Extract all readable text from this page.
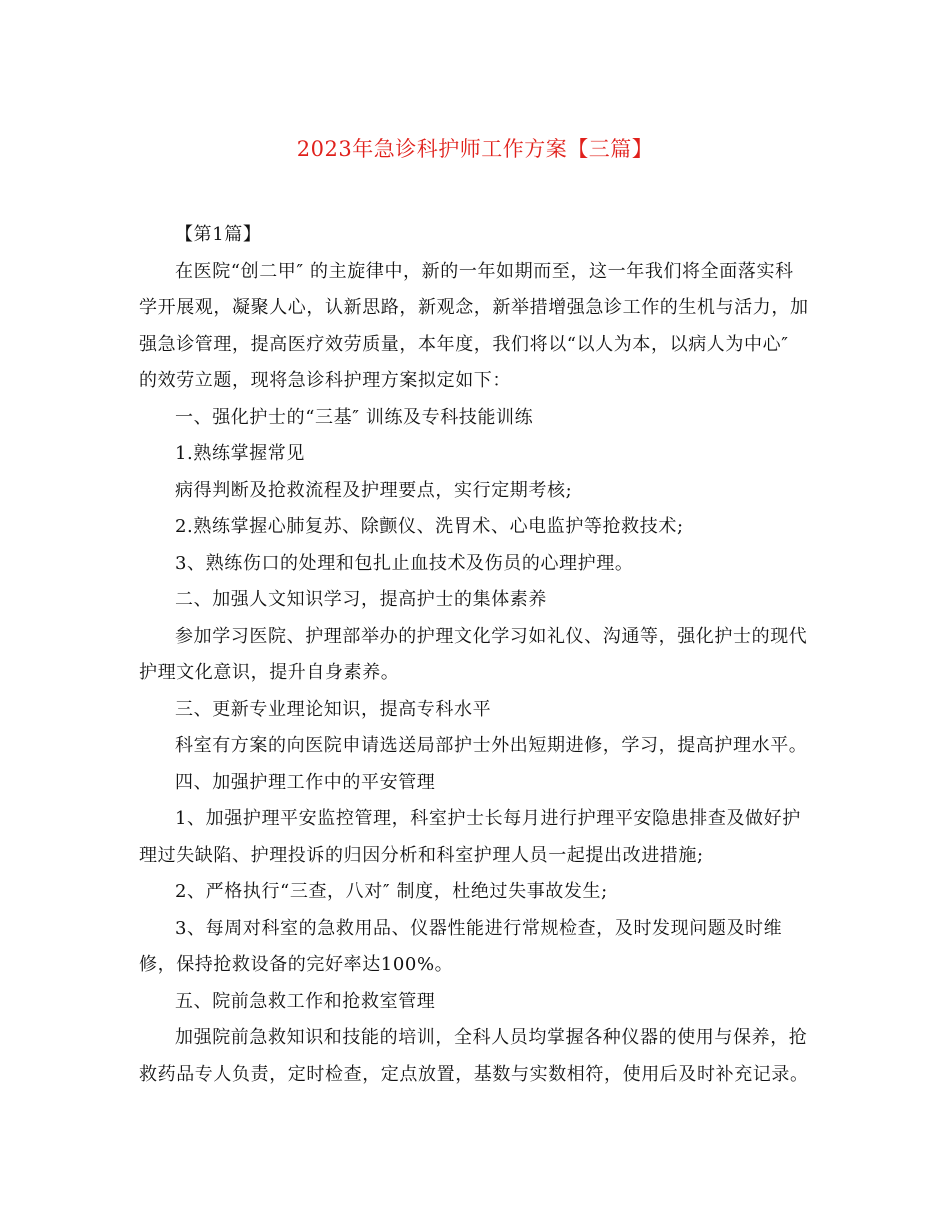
2023年急诊科护师工作方案【三篇】
【第1篇】
在医院“创二甲″ 的主旋律中，新的一年如期而至，这一年我们将全面落实科
学开展观，凝聚人心，认新思路，新观念，新举措增强急诊工作的生机与活力，加
强急诊管理，提高医疗效劳质量，本年度，我们将以“以人为本，以病人为中心″
的效劳立题，现将急诊科护理方案拟定如下：
一、强化护士的“三基″ 训练及专科技能训练
1.熟练掌握常见
病得判断及抢救流程及护理要点，实行定期考核;
2.熟练掌握心肺复苏、除颤仪、洗胃术、心电监护等抢救技术;
3、熟练伤口的处理和包扎止血技术及伤员的心理护理。
二、加强人文知识学习，提高护士的集体素养
参加学习医院、护理部举办的护理文化学习如礼仪、沟通等，强化护士的现代
护理文化意识，提升自身素养。
三、更新专业理论知识，提高专科水平
科室有方案的向医院申请选送局部护士外出短期进修，学习，提高护理水平。
四、加强护理工作中的平安管理
1、加强护理平安监控管理，科室护士长每月进行护理平安隐患排查及做好护
理过失缺陷、护理投诉的归因分析和科室护理人员一起提出改进措施;
2、严格执行“三查，八对″ 制度，杜绝过失事故发生;
3、每周对科室的急救用品、仪器性能进行常规检查，及时发现问题及时维
修，保持抢救设备的完好率达100%。
五、院前急救工作和抢救室管理
加强院前急救知识和技能的培训，全科人员均掌握各种仪器的使用与保养，抢
救药品专人负责，定时检查，定点放置，基数与实数相符，使用后及时补充记录。
